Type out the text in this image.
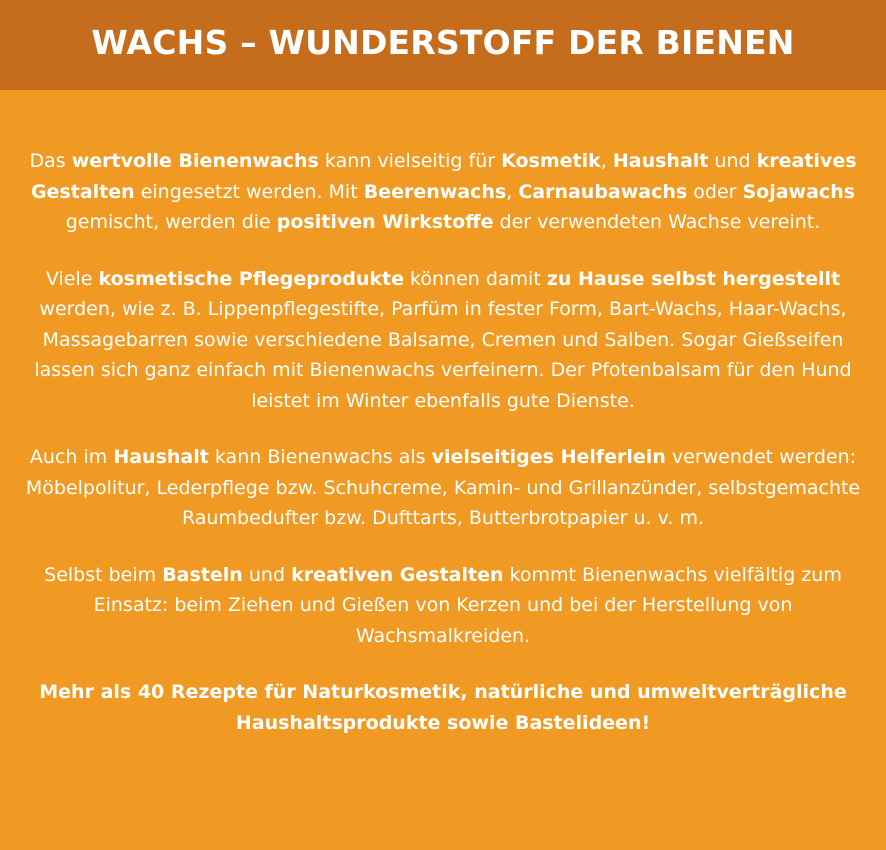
WACHS – WUNDERSTOFF DER BIENEN

Das wertvolle Bienenwachs kann vielseitig für Kosmetik, Haushalt und kreatives Gestalten eingesetzt werden. Mit Beerenwachs, Carnaubawachs oder Sojawachs gemischt, werden die positiven Wirkstoffe der verwendeten Wachse vereint.

Viele kosmetische Pflegeprodukte können damit zu Hause selbst hergestellt werden, wie z. B. Lippenpflegestifte, Parfüm in fester Form, Bart-Wachs, Haar-Wachs, Massagebarren sowie verschiedene Balsame, Cremen und Salben. Sogar Gießseifen lassen sich ganz einfach mit Bienenwachs verfeinern. Der Pfotenbalsam für den Hund leistet im Winter ebenfalls gute Dienste.

Auch im Haushalt kann Bienenwachs als vielseitiges Helferlein verwendet werden: Möbelpolitur, Lederpflege bzw. Schuhcreme, Kamin- und Grillanzünder, selbstgemachte Raumbedufter bzw. Dufttarts, Butterbrotpapier u. v. m.

Selbst beim Basteln und kreativen Gestalten kommt Bienenwachs vielfältig zum Einsatz: beim Ziehen und Gießen von Kerzen und bei der Herstellung von Wachsmalkreiden.

Mehr als 40 Rezepte für Naturkosmetik, natürliche und umweltverträgliche Haushaltsprodukte sowie Bastelideen!
